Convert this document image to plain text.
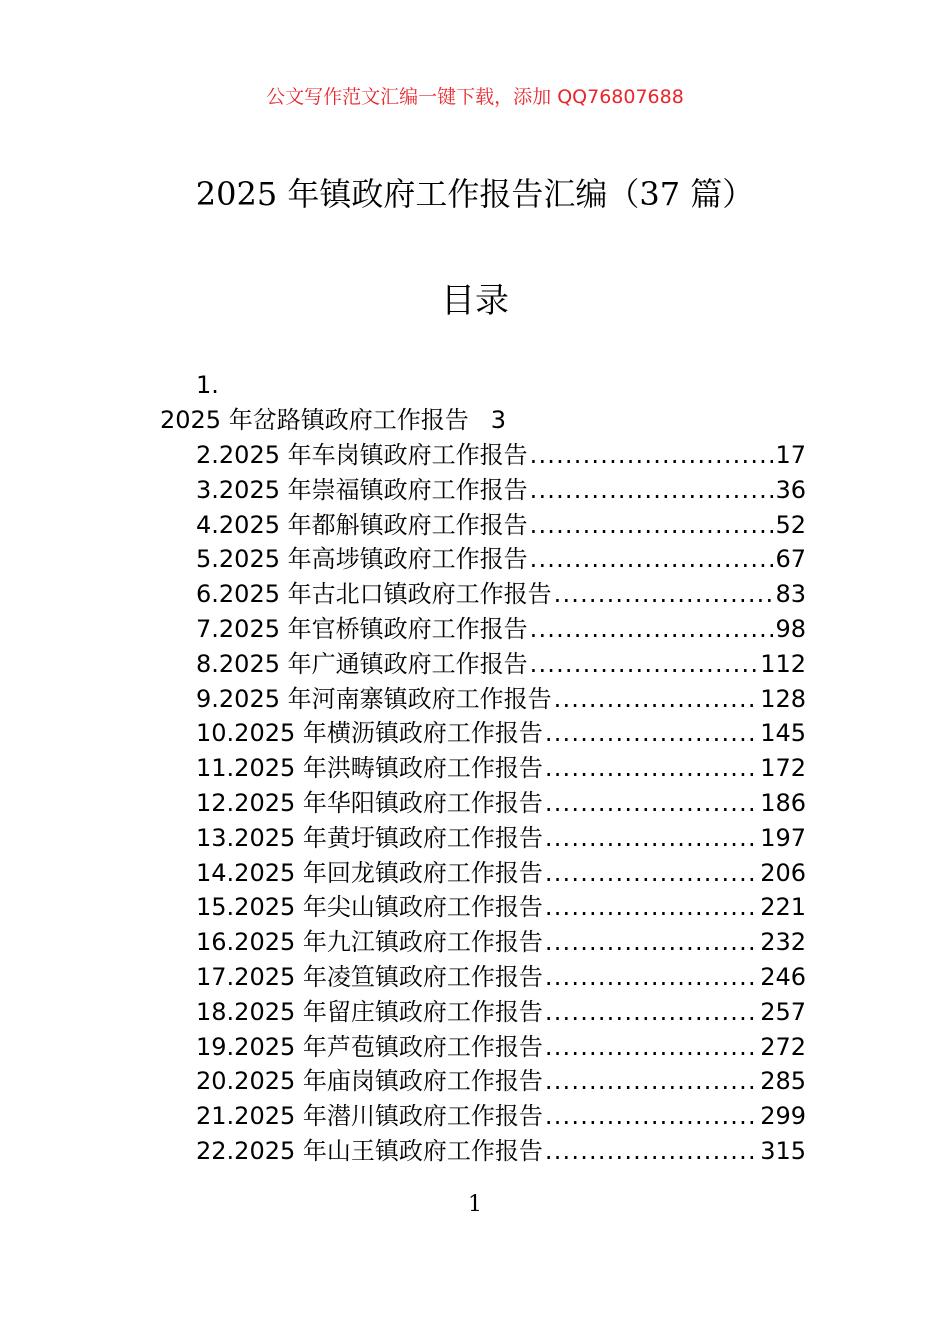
公文写作范文汇编一键下载，添加 QQ76807688
2025 年镇政府工作报告汇编（37 篇）
目录
1.
2025 年岔路镇政府工作报告 3
2.2025 年车岗镇政府工作报告 .....	17
3.2025 年崇福镇政府工作报告 .....	36
4.2025 年都斛镇政府工作报告 .....	52
5.2025 年高埗镇政府工作报告 .....	67
6.2025 年古北口镇政府工作报告 .....	83
7.2025 年官桥镇政府工作报告 .....	98
8.2025 年广通镇政府工作报告 .....	112
9.2025 年河南寨镇政府工作报告 .....	128
10.2025 年横沥镇政府工作报告 .....	145
11.2025 年洪畴镇政府工作报告 .....	172
12.2025 年华阳镇政府工作报告 .....	186
13.2025 年黄圩镇政府工作报告 .....	197
14.2025 年回龙镇政府工作报告 .....	206
15.2025 年尖山镇政府工作报告 .....	221
16.2025 年九江镇政府工作报告 .....	232
17.2025 年凌笪镇政府工作报告 .....	246
18.2025 年留庄镇政府工作报告 .....	257
19.2025 年芦苞镇政府工作报告 .....	272
20.2025 年庙岗镇政府工作报告 .....	285
21.2025 年潜川镇政府工作报告 .....	299
22.2025 年山王镇政府工作报告 .....	315
1
